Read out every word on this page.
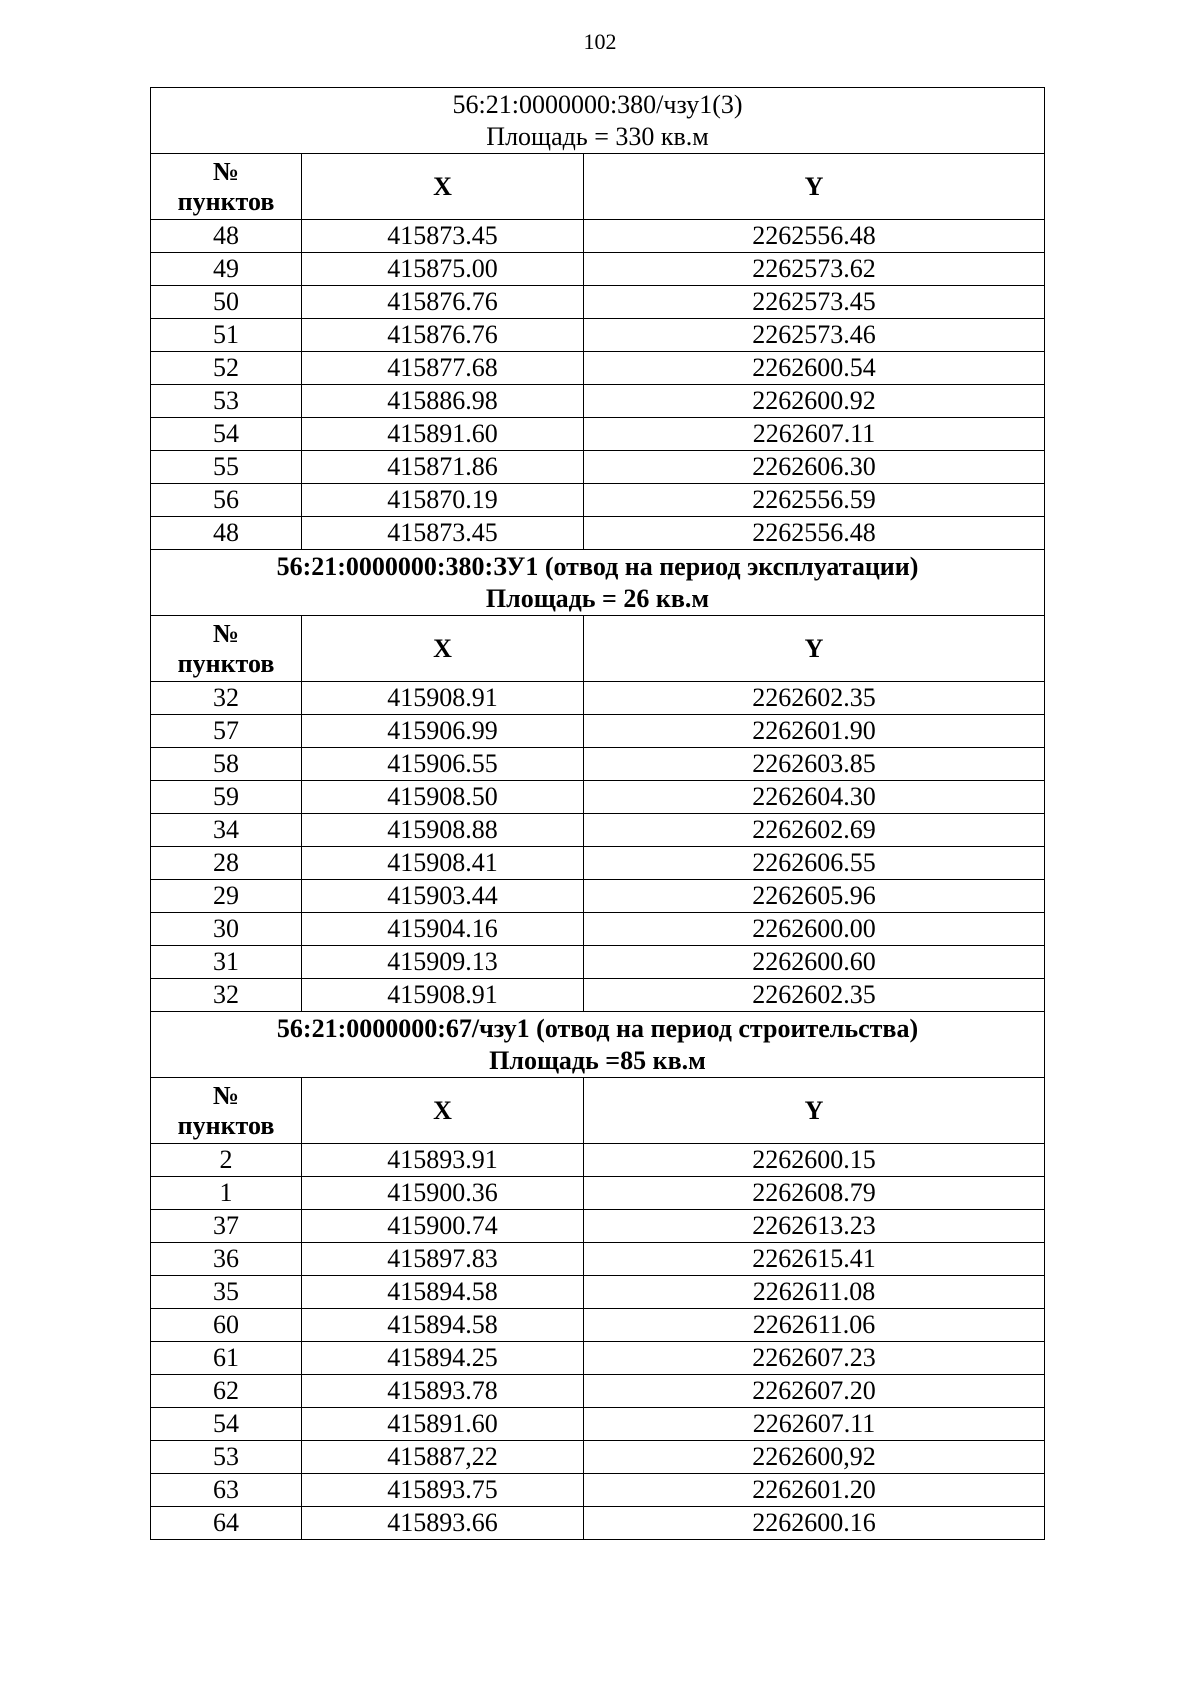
102
56:21:0000000:380/чзу1(3)
Площадь = 330 кв.м		

№
пунктов	X	Y
48	415873.45	2262556.48
49	415875.00	2262573.62
50	415876.76	2262573.45
51	415876.76	2262573.46
52	415877.68	2262600.54
53	415886.98	2262600.92
54	415891.60	2262607.11
55	415871.86	2262606.30
56	415870.19	2262556.59
48	415873.45	2262556.48

56:21:0000000:380:ЗУ1 (отвод на период эксплуатации)
Площадь = 26 кв.м		

№
пунктов	X	Y
32	415908.91	2262602.35
57	415906.99	2262601.90
58	415906.55	2262603.85
59	415908.50	2262604.30
34	415908.88	2262602.69
28	415908.41	2262606.55
29	415903.44	2262605.96
30	415904.16	2262600.00
31	415909.13	2262600.60
32	415908.91	2262602.35

56:21:0000000:67/чзу1 (отвод на период строительства)
Площадь =85 кв.м		

№
пунктов	X	Y
2	415893.91	2262600.15
1	415900.36	2262608.79
37	415900.74	2262613.23
36	415897.83	2262615.41
35	415894.58	2262611.08
60	415894.58	2262611.06
61	415894.25	2262607.23
62	415893.78	2262607.20
54	415891.60	2262607.11
53	415887,22	2262600,92
63	415893.75	2262601.20
64	415893.66	2262600.16
